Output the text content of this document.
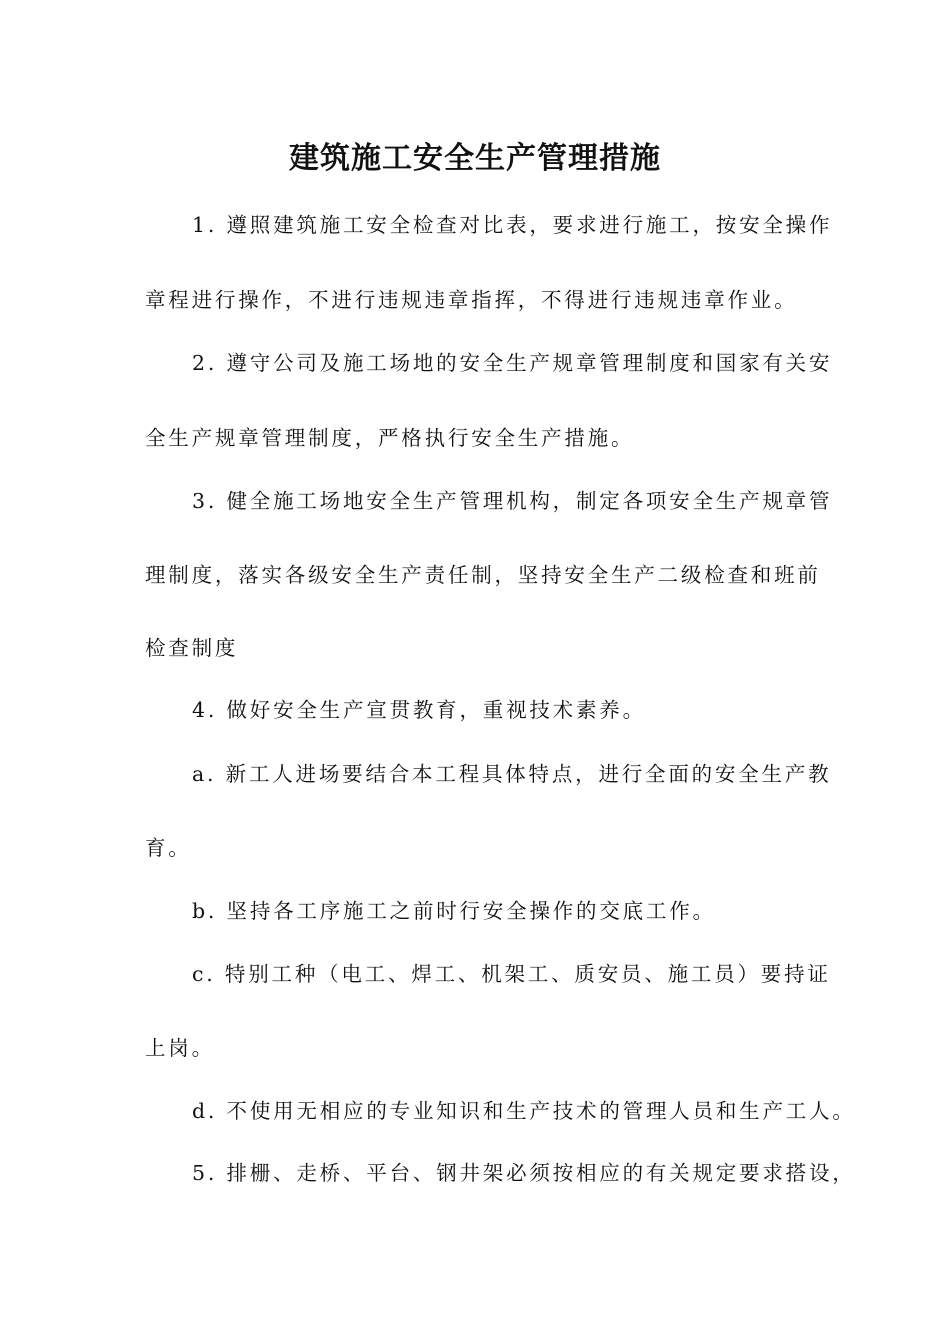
建筑施工安全生产管理措施
1. 遵照建筑施工安全检查对比表，要求进行施工，按安全操作
章程进行操作，不进行违规违章指挥，不得进行违规违章作业。
2. 遵守公司及施工场地的安全生产规章管理制度和国家有关安
全生产规章管理制度，严格执行安全生产措施。
3. 健全施工场地安全生产管理机构，制定各项安全生产规章管
理制度，落实各级安全生产责任制，坚持安全生产二级检查和班前
检查制度
4. 做好安全生产宣贯教育，重视技术素养。
a. 新工人进场要结合本工程具体特点，进行全面的安全生产教
育。
b. 坚持各工序施工之前时行安全操作的交底工作。
c. 特别工种（电工、焊工、机架工、质安员、施工员）要持证
上岗。
d. 不使用无相应的专业知识和生产技术的管理人员和生产工人。
5. 排栅、走桥、平台、钢井架必须按相应的有关规定要求搭设，
